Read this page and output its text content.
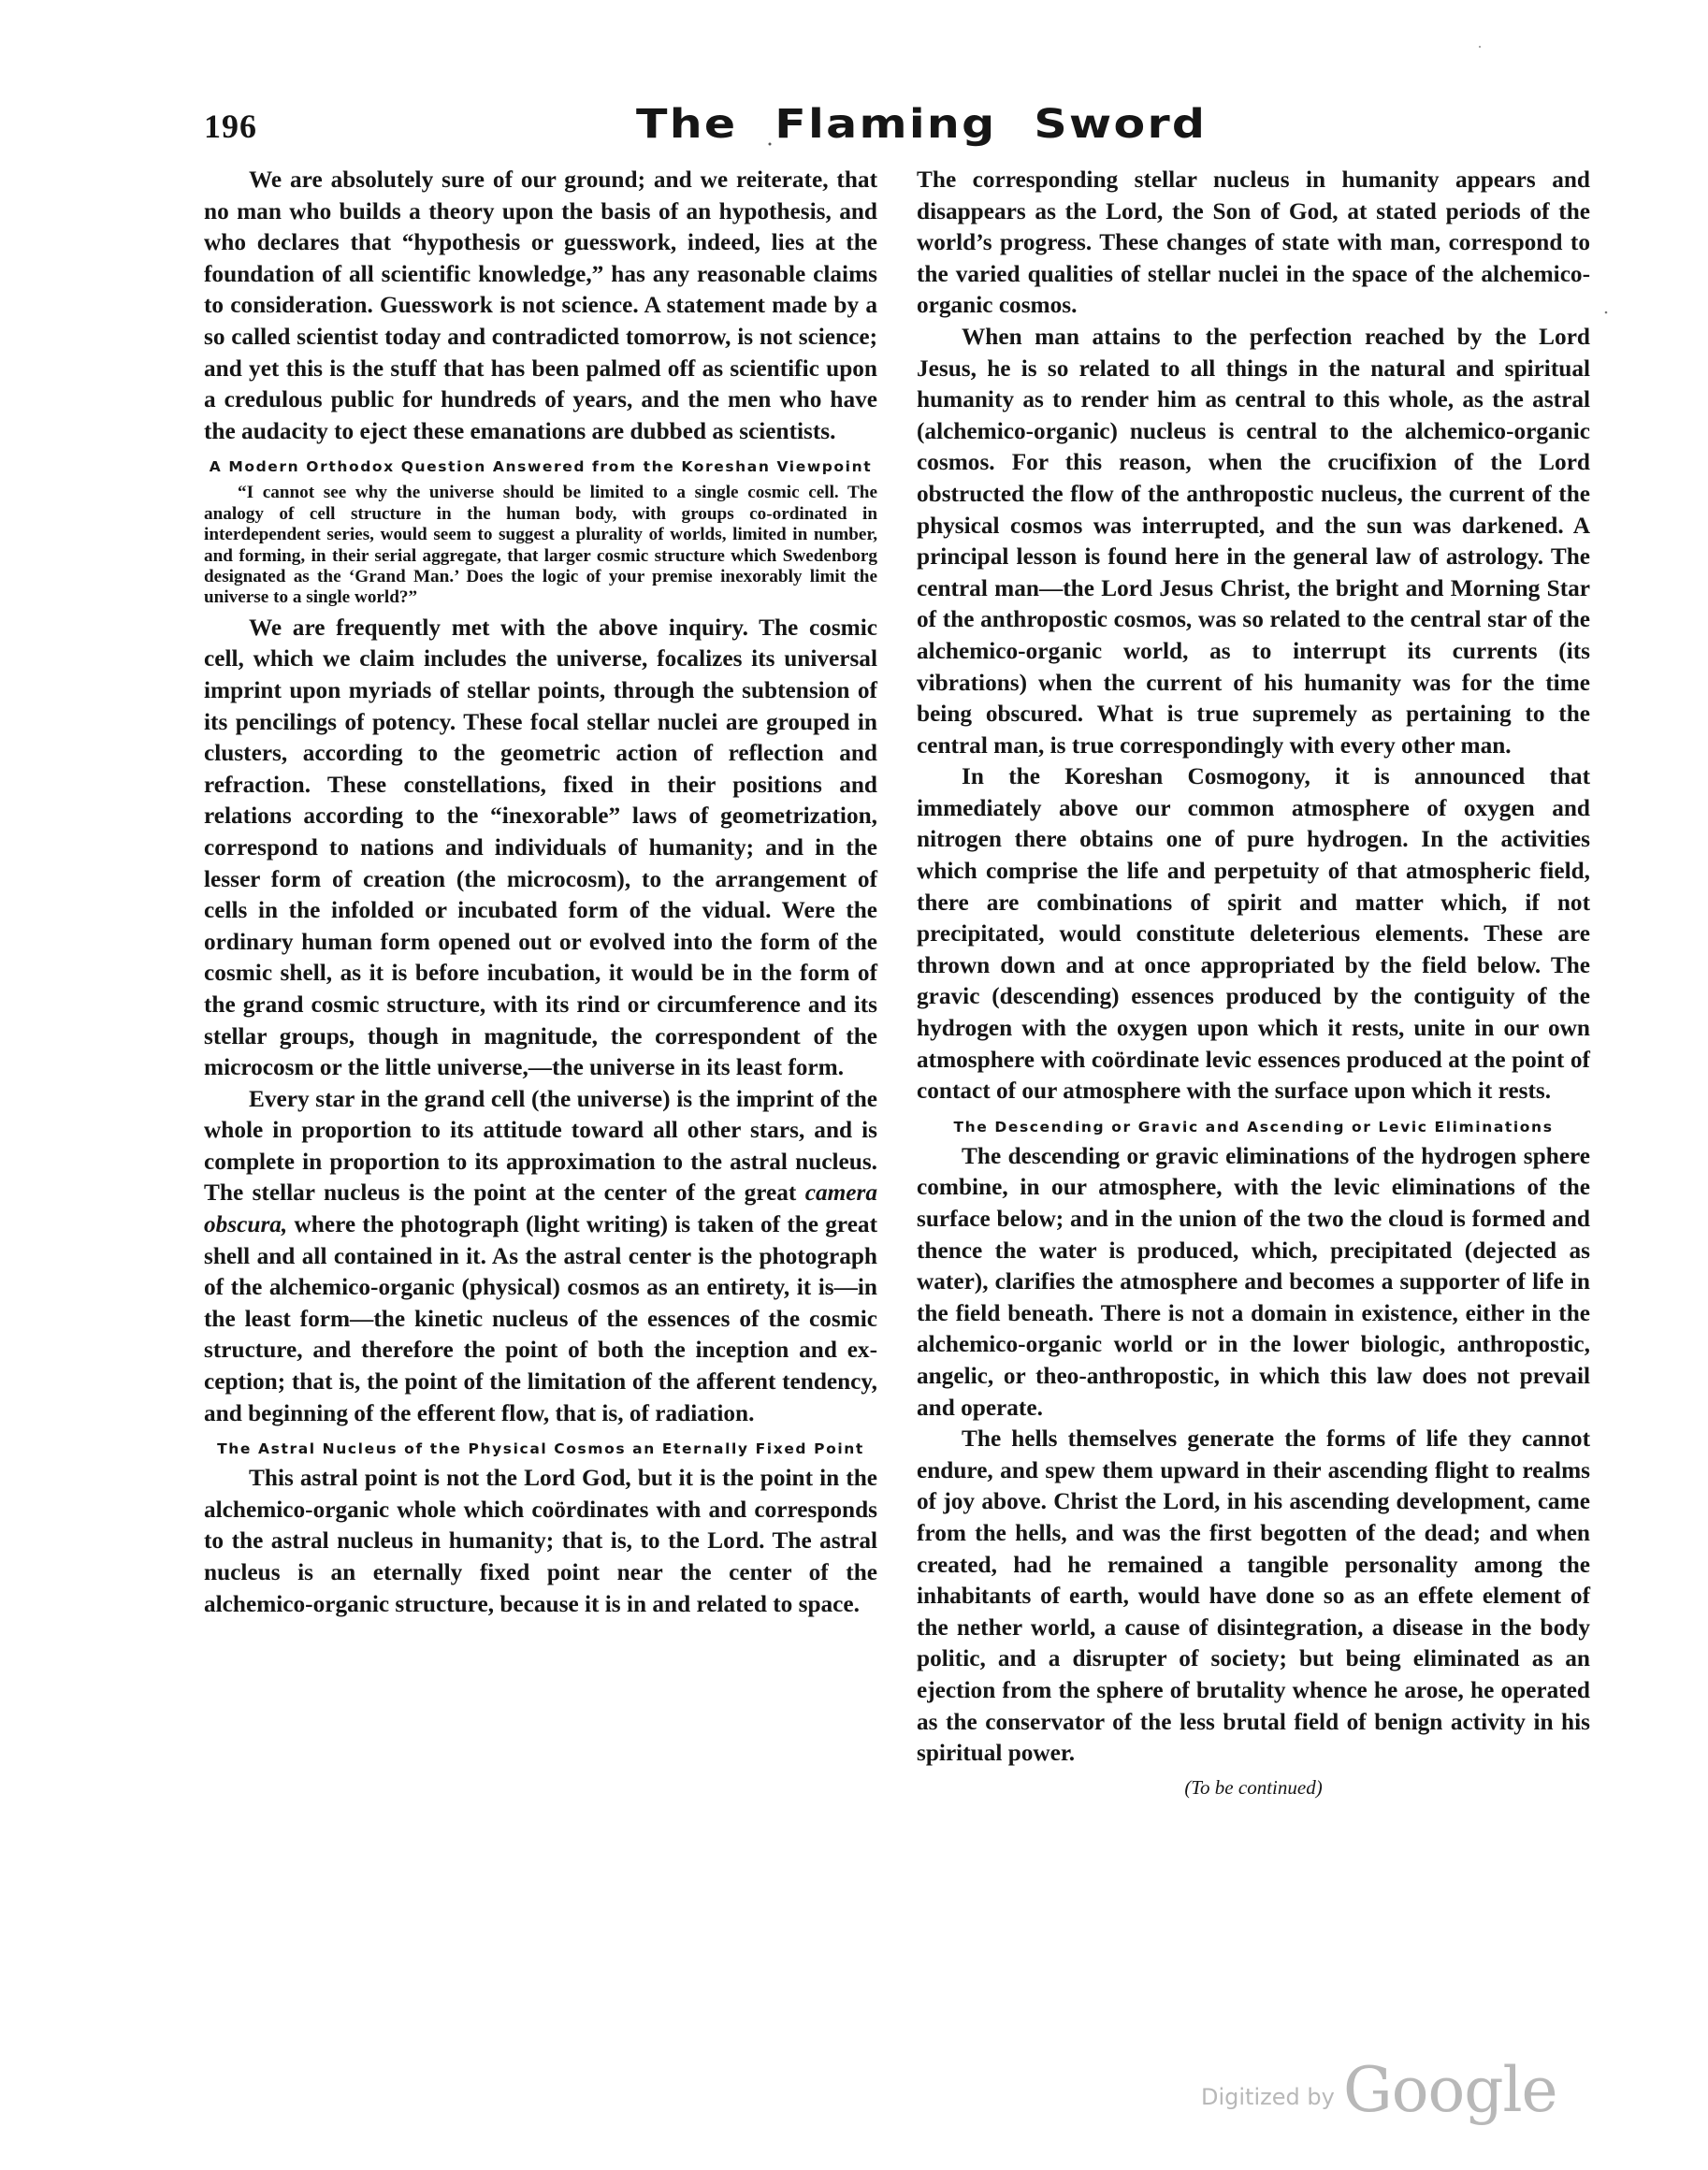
196	The Flaming Sword

We are absolutely sure of our ground; and we reiterate, that no man who builds a theory upon the basis of an hypothesis, and who declares that “hypothesis or guesswork, indeed, lies at the foundation of all scientific knowledge,” has any reasonable claims to consideration. Guesswork is not science. A statement made by a so called scientist today and contradicted tomorrow, is not science; and yet this is the stuff that has been palmed off as scientific upon a credulous public for hundreds of years, and the men who have the audacity to eject these emanations are dubbed as scientists.

A Modern Orthodox Question Answered from the Koreshan Viewpoint

“I cannot see why the universe should be limited to a single cosmic cell. The analogy of cell structure in the human body, with groups co-ordinated in interdependent series, would seem to suggest a plurality of worlds, limited in number, and forming, in their serial aggregate, that larger cosmic structure which Swedenborg designated as the ‘Grand Man.’ Does the logic of your premise inexorably limit the universe to a single world?”

We are frequently met with the above inquiry. The cosmic cell, which we claim includes the universe, focalizes its universal imprint upon myriads of stellar points, through the subtension of its pencilings of potency. These focal stellar nuclei are grouped in clusters, according to the geometric action of reflection and refraction. These constellations, fixed in their positions and relations according to the “inexorable” laws of geometrization, correspond to nations and individuals of humanity; and in the lesser form of creation (the microcosm), to the arrangement of cells in the infolded or incubated form of the vidual. Were the ordinary human form opened out or evolved into the form of the cosmic shell, as it is before incubation, it would be in the form of the grand cosmic structure, with its rind or circumference and its stellar groups, though in magnitude, the correspondent of the microcosm or the little universe,—the universe in its least form.

Every star in the grand cell (the universe) is the imprint of the whole in proportion to its attitude toward all other stars, and is complete in proportion to its approximation to the astral nucleus. The stellar nucleus is the point at the center of the great camera obscura, where the photograph (light writing) is taken of the great shell and all contained in it. As the astral center is the photograph of the alchemico-organic (physical) cosmos as an entirety, it is—in the least form—the kinetic nucleus of the essences of the cosmic structure, and therefore the point of both the inception and ex-ception; that is, the point of the limitation of the afferent tendency, and beginning of the efferent flow, that is, of radiation.

The Astral Nucleus of the Physical Cosmos an Eternally Fixed Point

This astral point is not the Lord God, but it is the point in the alchemico-organic whole which coördinates with and corresponds to the astral nucleus in humanity; that is, to the Lord. The astral nucleus is an eternally fixed point near the center of the alchemico-organic structure, because it is in and related to space.

The corresponding stellar nucleus in humanity appears and disappears as the Lord, the Son of God, at stated periods of the world’s progress. These changes of state with man, correspond to the varied qualities of stellar nuclei in the space of the alchemico-organic cosmos.

When man attains to the perfection reached by the Lord Jesus, he is so related to all things in the natural and spiritual humanity as to render him as central to this whole, as the astral (alchemico-organic) nucleus is central to the alchemico-organic cosmos. For this reason, when the crucifixion of the Lord obstructed the flow of the anthropostic nucleus, the current of the physical cosmos was interrupted, and the sun was darkened. A principal lesson is found here in the general law of astrology. The central man—the Lord Jesus Christ, the bright and Morning Star of the anthropostic cosmos, was so related to the central star of the alchemico-organic world, as to interrupt its currents (its vibrations) when the current of his humanity was for the time being obscured. What is true supremely as pertaining to the central man, is true correspondingly with every other man.

In the Koreshan Cosmogony, it is announced that immediately above our common atmosphere of oxygen and nitrogen there obtains one of pure hydrogen. In the activities which comprise the life and perpetuity of that atmospheric field, there are combinations of spirit and matter which, if not precipitated, would constitute deleterious elements. These are thrown down and at once appropriated by the field below. The gravic (descending) essences produced by the contiguity of the hydrogen with the oxygen upon which it rests, unite in our own atmosphere with coördinate levic essences produced at the point of contact of our atmosphere with the surface upon which it rests.

The Descending or Gravic and Ascending or Levic Eliminations

The descending or gravic eliminations of the hydrogen sphere combine, in our atmosphere, with the levic eliminations of the surface below; and in the union of the two the cloud is formed and thence the water is produced, which, precipitated (dejected as water), clarifies the atmosphere and becomes a supporter of life in the field beneath. There is not a domain in existence, either in the alchemico-organic world or in the lower biologic, anthropostic, angelic, or theo-anthropostic, in which this law does not prevail and operate.

The hells themselves generate the forms of life they cannot endure, and spew them upward in their ascending flight to realms of joy above. Christ the Lord, in his ascending development, came from the hells, and was the first begotten of the dead; and when created, had he remained a tangible personality among the inhabitants of earth, would have done so as an effete element of the nether world, a cause of disintegration, a disease in the body politic, and a disrupter of society; but being eliminated as an ejection from the sphere of brutality whence he arose, he operated as the conservator of the less brutal field of benign activity in his spiritual power.

(To be continued)
Digitized by Google
